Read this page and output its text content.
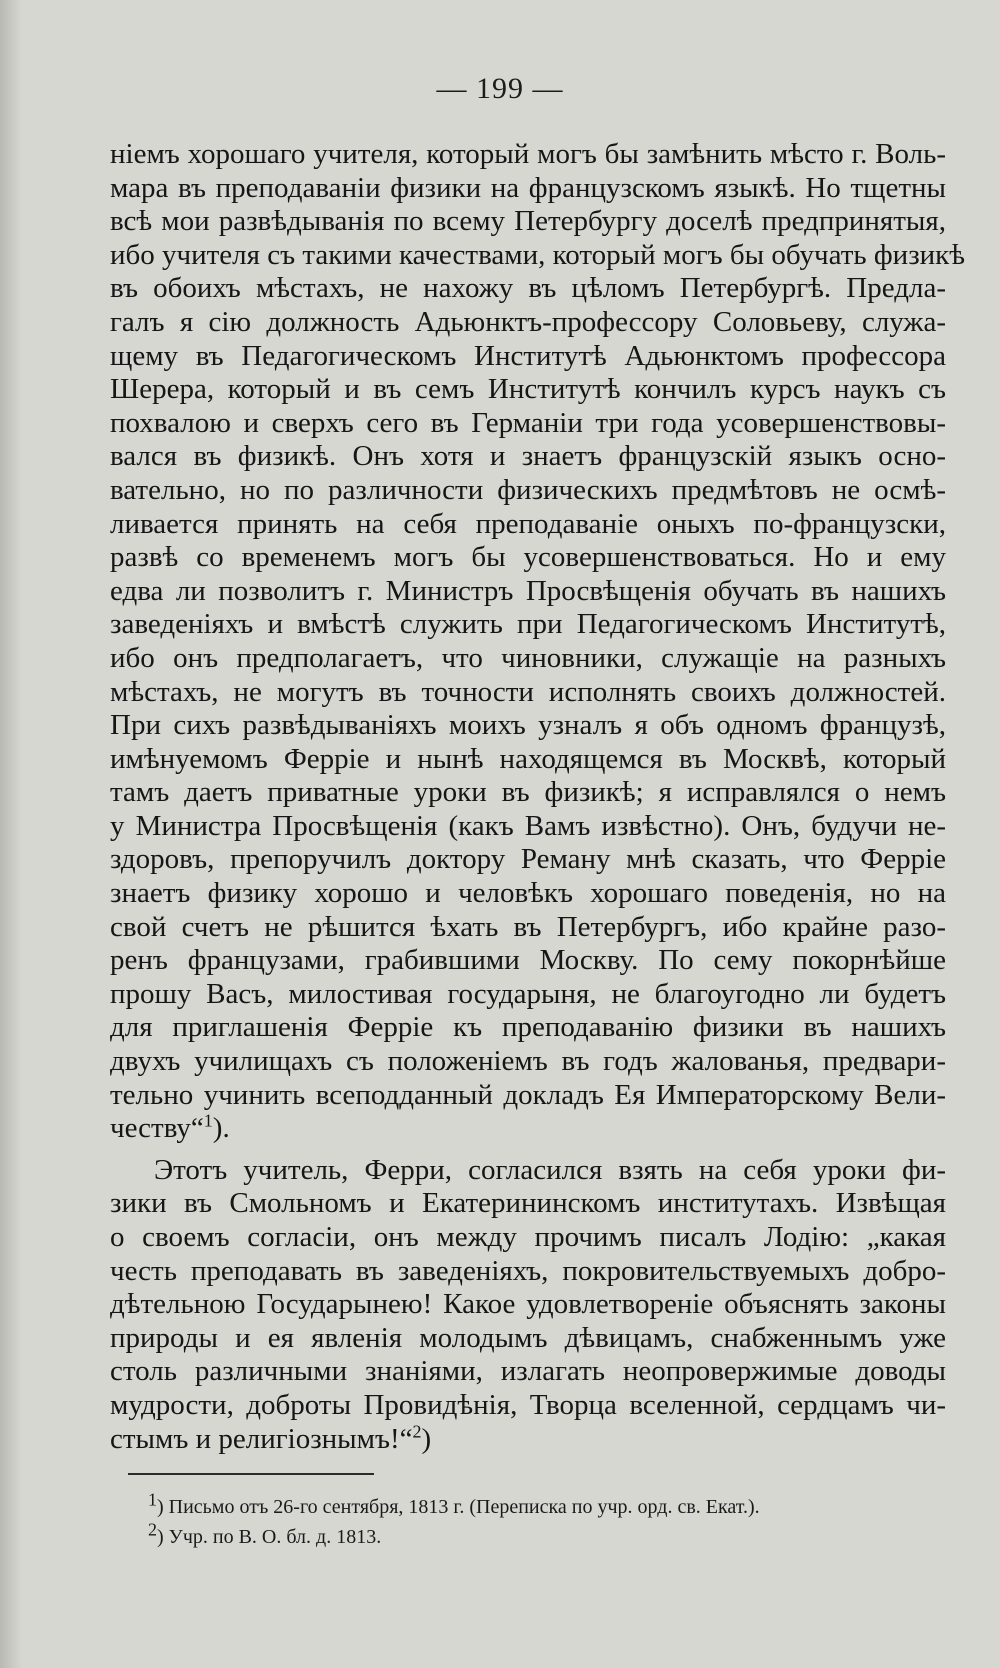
— 199 —
ніемъ хорошаго учителя, который могъ бы замѣнить мѣсто г. Воль-
мара въ преподаваніи физики на французскомъ языкѣ. Но тщетны
всѣ мои развѣдыванія по всему Петербургу доселѣ предпринятыя,
ибо учителя съ такими качествами, который могъ бы обучать физикѣ
въ обоихъ мѣстахъ, не нахожу въ цѣломъ Петербургѣ. Предла-
галъ я сію должность Адьюнктъ-профессору Соловьеву, служа-
щему въ Педагогическомъ Институтѣ Адьюнктомъ профессора
Шерера, который и въ семъ Институтѣ кончилъ курсъ наукъ съ
похвалою и сверхъ сего въ Германіи три года усовершенствовы-
вался въ физикѣ. Онъ хотя и знаетъ французскій языкъ осно-
вательно, но по различности физическихъ предмѣтовъ не осмѣ-
ливается принять на себя преподаваніе оныхъ по-французски,
развѣ со временемъ могъ бы усовершенствоваться. Но и ему
едва ли позволитъ г. Министръ Просвѣщенія обучать въ нашихъ
заведеніяхъ и вмѣстѣ служить при Педагогическомъ Институтѣ,
ибо онъ предполагаетъ, что чиновники, служащіе на разныхъ
мѣстахъ, не могутъ въ точности исполнять своихъ должностей.
При сихъ развѣдываніяхъ моихъ узналъ я объ одномъ французѣ,
имѣнуемомъ Ферріе и нынѣ находящемся въ Москвѣ, который
тамъ даетъ приватные уроки въ физикѣ; я исправлялся о немъ
у Министра Просвѣщенія (какъ Вамъ извѣстно). Онъ, будучи не-
здоровъ, препоручилъ доктору Реману мнѣ сказать, что Ферріе
знаетъ физику хорошо и человѣкъ хорошаго поведенія, но на
свой счетъ не рѣшится ѣхать въ Петербургъ, ибо крайне разо-
ренъ французами, грабившими Москву. По сему покорнѣйше
прошу Васъ, милостивая государыня, не благоугодно ли будетъ
для приглашенія Ферріе къ преподаванію физики въ нашихъ
двухъ училищахъ съ положеніемъ въ годъ жалованья, предвари-
тельно учинить всеподданный докладъ Ея Императорскому Вели-
честву“$^1$).
Этотъ учитель, Ферри, согласился взять на себя уроки фи-
зики въ Смольномъ и Екатерининскомъ институтахъ. Извѣщая
о своемъ согласіи, онъ между прочимъ писалъ Лодію: „какая
честь преподавать въ заведеніяхъ, покровительствуемыхъ добро-
дѣтельною Государынею! Какое удовлетвореніе объяснять законы
природы и ея явленія молодымъ дѣвицамъ, снабженнымъ уже
столь различными знаніями, излагать неопровержимые доводы
мудрости, доброты Провидѣнія, Творца вселенной, сердцамъ чи-
стымъ и религіознымъ!“$^2$)
$^1$) Письмо отъ 26-го сентября, 1813 г. (Переписка по учр. орд. св. Екат.).
$^2$) Учр. по В. О. бл. д. 1813.
